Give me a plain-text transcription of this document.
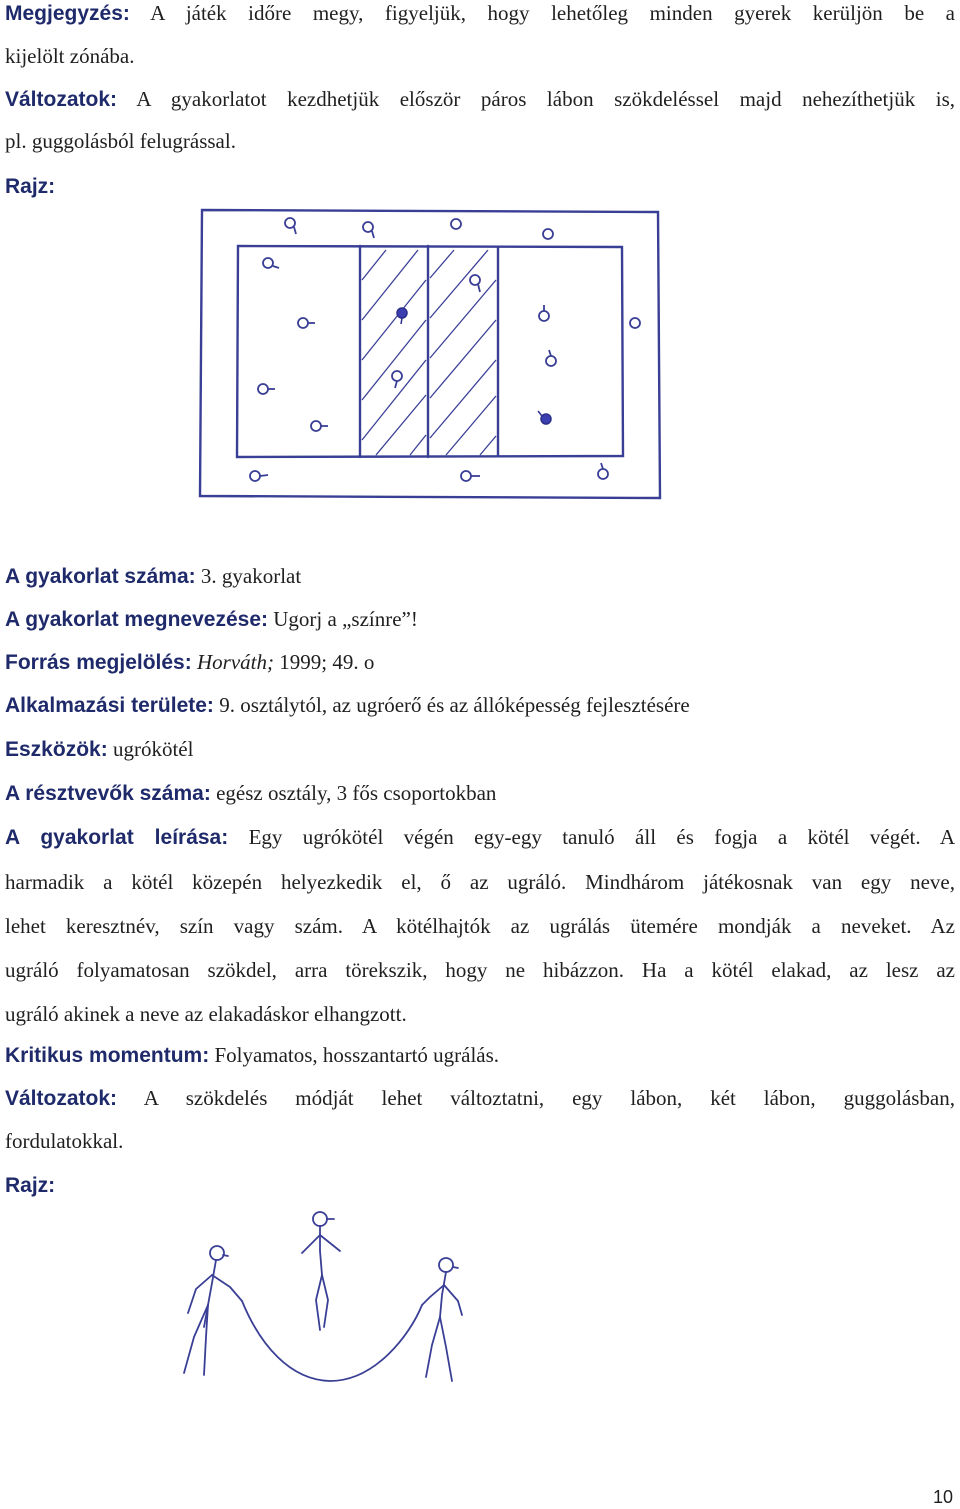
Megjegyzés: A játék időre megy, figyeljük, hogy lehetőleg minden gyerek kerüljön be a

kijelölt zónába.

Változatok: A gyakorlatot kezdhetjük először páros lábon szökdeléssel majd nehezíthetjük is,

pl. guggolásból felugrással.

Rajz:

A gyakorlat száma: 3. gyakorlat

A gyakorlat megnevezése: Ugorj a „színre”!

Forrás megjelölés: Horváth; 1999; 49. o

Alkalmazási területe: 9. osztálytól, az ugróerő és az állóképesség fejlesztésére

Eszközök: ugrókötél

A résztvevők száma: egész osztály, 3 fős csoportokban

A gyakorlat leírása: Egy ugrókötél végén egy-egy tanuló áll és fogja a kötél végét. A
harmadik a kötél közepén helyezkedik el, ő az ugráló. Mindhárom játékosnak van egy neve,
lehet keresztnév, szín vagy szám. A kötélhajtók az ugrálás ütemére mondják a neveket. Az
ugráló folyamatosan szökdel, arra törekszik, hogy ne hibázzon. Ha a kötél elakad, az lesz az
ugráló akinek a neve az elakadáskor elhangzott.

Kritikus momentum: Folyamatos, hosszantartó ugrálás.

Változatok: A szökdelés módját lehet változtatni, egy lábon, két lábon, guggolásban,
fordulatokkal.

Rajz:

10
